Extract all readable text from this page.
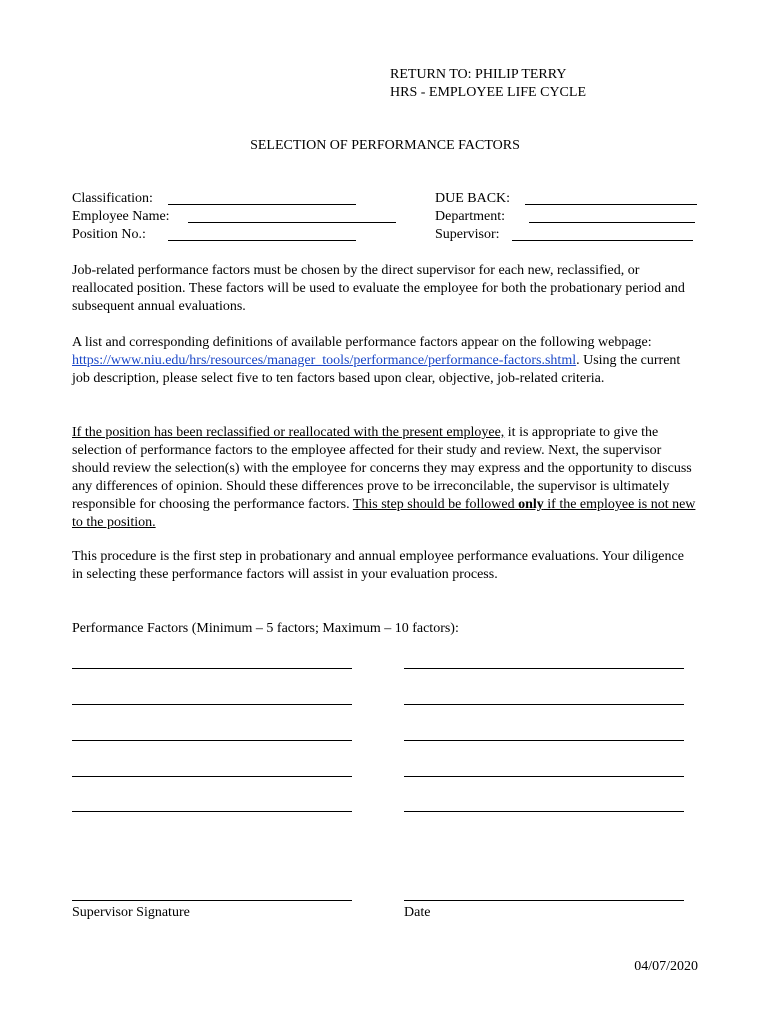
RETURN TO: PHILIP TERRY
HRS - EMPLOYEE LIFE CYCLE
SELECTION OF PERFORMANCE FACTORS
Classification:
Employee Name:
Position No.:
DUE BACK:
Department:
Supervisor:
Job-related performance factors must be chosen by the direct supervisor for each new, reclassified, or reallocated position. These factors will be used to evaluate the employee for both the probationary period and subsequent annual evaluations.
A list and corresponding definitions of available performance factors appear on the following webpage: https://www.niu.edu/hrs/resources/manager_tools/performance/performance-factors.shtml. Using the current job description, please select five to ten factors based upon clear, objective, job-related criteria.
If the position has been reclassified or reallocated with the present employee, it is appropriate to give the selection of performance factors to the employee affected for their study and review. Next, the supervisor should review the selection(s) with the employee for concerns they may express and the opportunity to discuss any differences of opinion. Should these differences prove to be irreconcilable, the supervisor is ultimately responsible for choosing the performance factors. This step should be followed only if the employee is not new to the position.
This procedure is the first step in probationary and annual employee performance evaluations. Your diligence in selecting these performance factors will assist in your evaluation process.
Performance Factors (Minimum – 5 factors; Maximum – 10 factors):
Supervisor Signature	Date
04/07/2020
